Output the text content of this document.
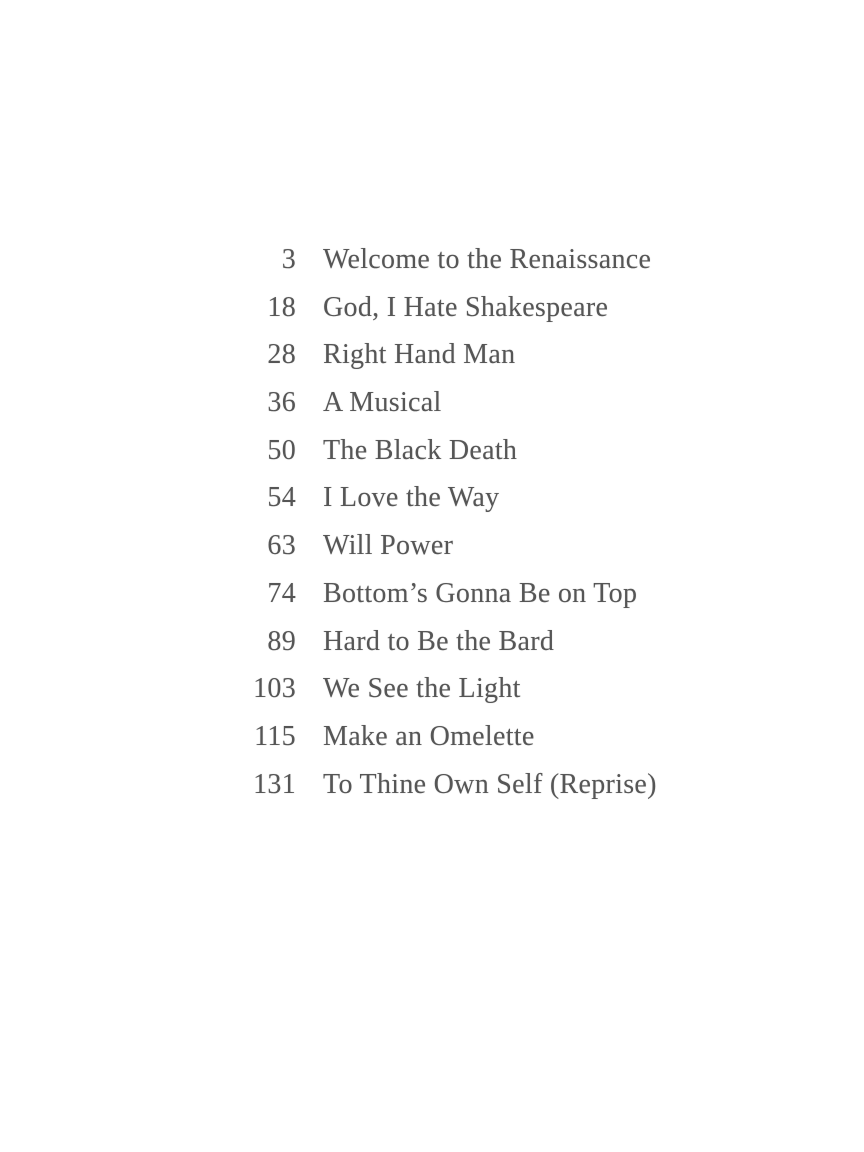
3 Welcome to the Renaissance
18 God, I Hate Shakespeare
28 Right Hand Man
36 A Musical
50 The Black Death
54 I Love the Way
63 Will Power
74 Bottom’s Gonna Be on Top
89 Hard to Be the Bard
103 We See the Light
115 Make an Omelette
131 To Thine Own Self (Reprise)
